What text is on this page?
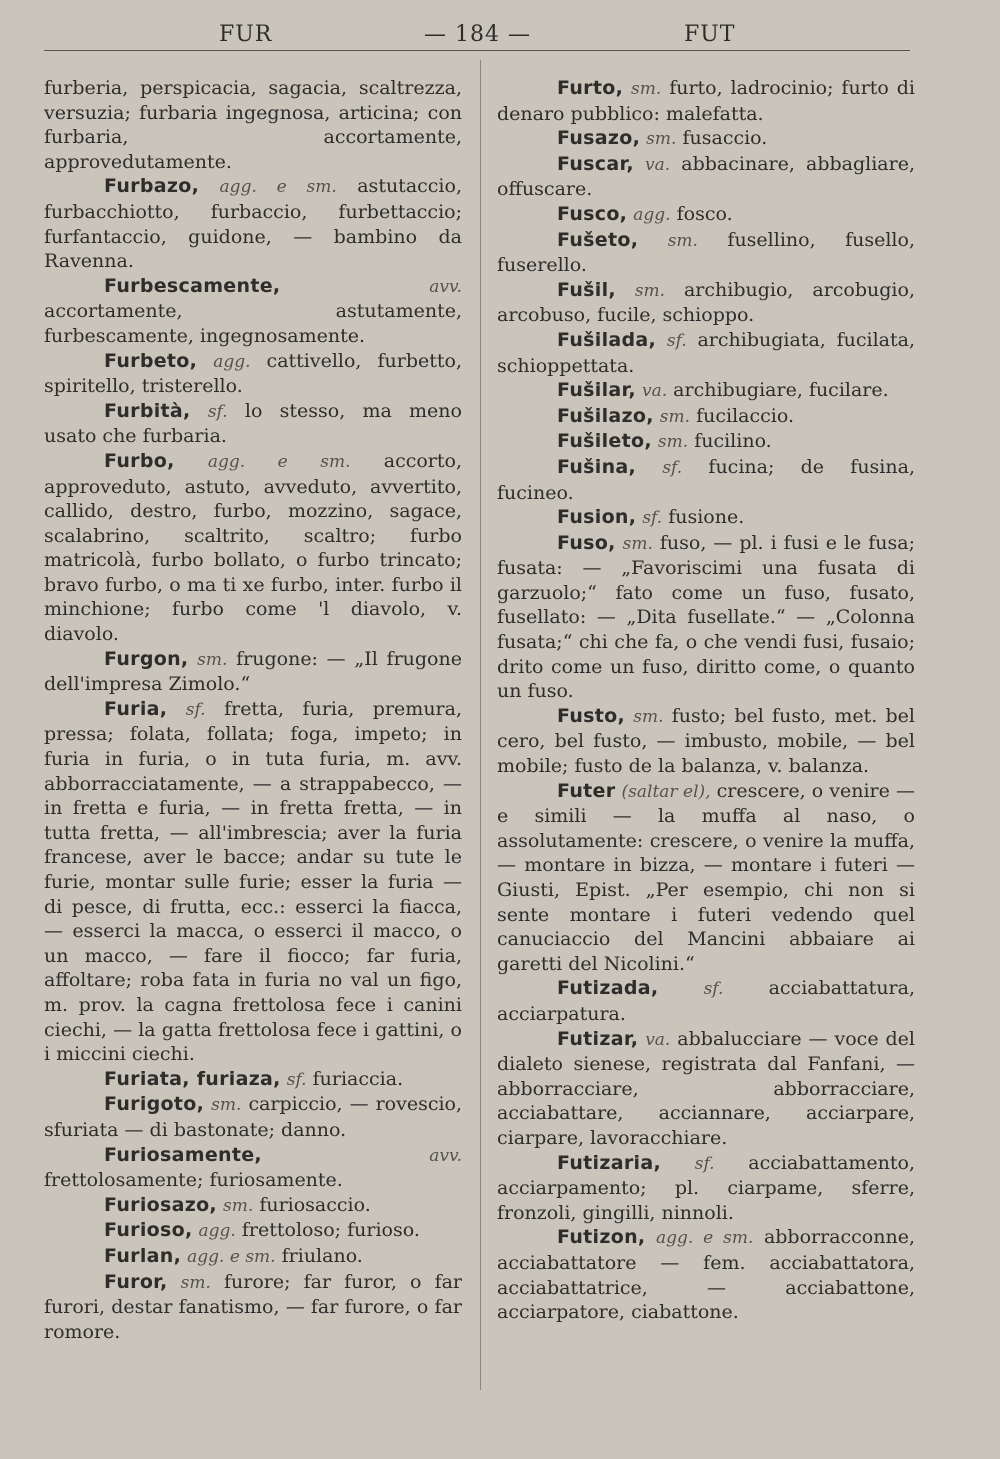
FUR	— 184 —	FUT

furberia, perspicacia, sagacia, scaltrezza, versuzia; furbaria ingegnosa, articina; con furbaria, accortamente, approvedutamente.

Furbazo, agg. e sm. astutaccio, furbacchiotto, furbaccio, furbettaccio; furfantaccio, guidone, — bambino da Ravenna.

Furbescamente,	avv. accortamente, astutamente, furbescamente, ingegnosamente.

Furbeto, agg. cattivello, furbetto, spiritello, tristerello.

Furbità, sf. lo stesso, ma meno usato che furbaria.

Furbo, agg. e sm. accorto, approveduto, astuto, avveduto, avvertito, callido, destro, furbo, mozzino, sagace, scalabrino, scaltrito, scaltro; furbo matricolà, furbo bollato, o furbo trincato; bravo furbo, o ma ti xe furbo, inter. furbo il minchione; furbo come 'l diavolo, v. diavolo.

Furgon, sm. frugone: — „Il frugone dell'impresa Zimolo.“

Furia, sf. fretta, furia, premura, pressa; folata, follata; foga, impeto; in furia in furia, o in tuta furia, m. avv. abborracciatamente, — a strappabecco, — in fretta e furia, — in fretta fretta, — in tutta fretta, — all'imbrescia; aver la furia francese, aver le bacce; andar su tute le furie, montar sulle furie; esser la furia — di pesce, di frutta, ecc.: esserci la fiacca, — esserci la macca, o esserci il macco, o un macco, — fare il fiocco; far furia, affoltare; roba fata in furia no val un figo, m. prov. la cagna frettolosa fece i canini ciechi, — la gatta frettolosa fece i gattini, o i miccini ciechi.

Furiata, furiaza, sf. furiaccia.

Furigoto, sm. carpiccio, — rovescio, sfuriata — di bastonate; danno.

Furiosamente,	avv. frettolosamente; furiosamente.

Furiosazo, sm. furiosaccio.

Furioso, agg. frettoloso; furioso.

Furlan, agg. e sm. friulano.

Furor, sm. furore; far furor, o far furori, destar fanatismo, — far furore, o far romore.

Furto, sm. furto, ladrocinio; furto di denaro pubblico: malefatta.

Fusazo, sm. fusaccio.

Fuscar, va. abbacinare, abbagliare, offuscare.

Fusco, agg. fosco.

Fušeto, sm. fusellino, fusello, fuserello.

Fušil, sm. archibugio, arcobugio, arcobuso, fucile, schioppo.

Fušilada, sf. archibugiata, fucilata, schioppettata.

Fušilar, va. archibugiare, fucilare.

Fušilazo, sm. fucilaccio.

Fušileto, sm. fucilino.

Fušina, sf. fucina; de fusina, fucineo.

Fusion, sf. fusione.

Fuso, sm. fuso, — pl. i fusi e le fusa; fusata: — „Favoriscimi una fusata di garzuolo;“ fato come un fuso, fusato, fusellato: — „Dita fusellate.“ — „Colonna fusata;“ chi che fa, o che vendi fusi, fusaio; drito come un fuso, diritto come, o quanto un fuso.

Fusto, sm. fusto; bel fusto, met. bel cero, bel fusto, — imbusto, mobile, — bel mobile; fusto de la balanza, v. balanza.

Futer (saltar el), crescere, o venire — e simili — la muffa al naso, o assolutamente: crescere, o venire la muffa, — montare in bizza, — montare i futeri — Giusti, Epist. „Per esempio, chi non si sente montare i futeri vedendo quel canuciaccio del Mancini abbaiare ai garetti del Nicolini.“

Futizada,	sf. acciabattatura, acciarpatura.

Futizar, va. abbalucciare — voce del dialeto sienese, registrata dal Fanfani, — abborracciare, abborracciare, acciabattare, acciannare, acciarpare, ciarpare, lavoracchiare.

Futizaria, sf. acciabattamento, acciarpamento; pl. ciarpame, sferre, fronzoli, gingilli, ninnoli.

Futizon, agg. e sm. abborracconne, acciabattatore — fem. acciabattatora, acciabattatrice, — acciabattone, acciarpatore, ciabattone.
